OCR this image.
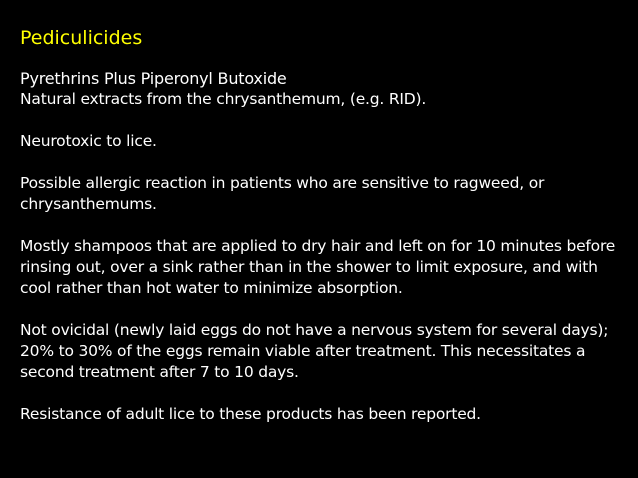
Pediculicides
Pyrethrins Plus Piperonyl Butoxide

Natural extracts from the chrysanthemum, (e.g. RID).

Neurotoxic to lice.

Possible allergic reaction in patients who are sensitive to ragweed, or chrysanthemums.

Mostly shampoos that are applied to dry hair and left on for 10 minutes before rinsing out, over a sink rather than in the shower to limit exposure, and with cool rather than hot water to minimize absorption.

Not ovicidal (newly laid eggs do not have a nervous system for several days); 20% to 30% of the eggs remain viable after treatment. This necessitates a second treatment after 7 to 10 days.

Resistance of adult lice to these products has been reported.
